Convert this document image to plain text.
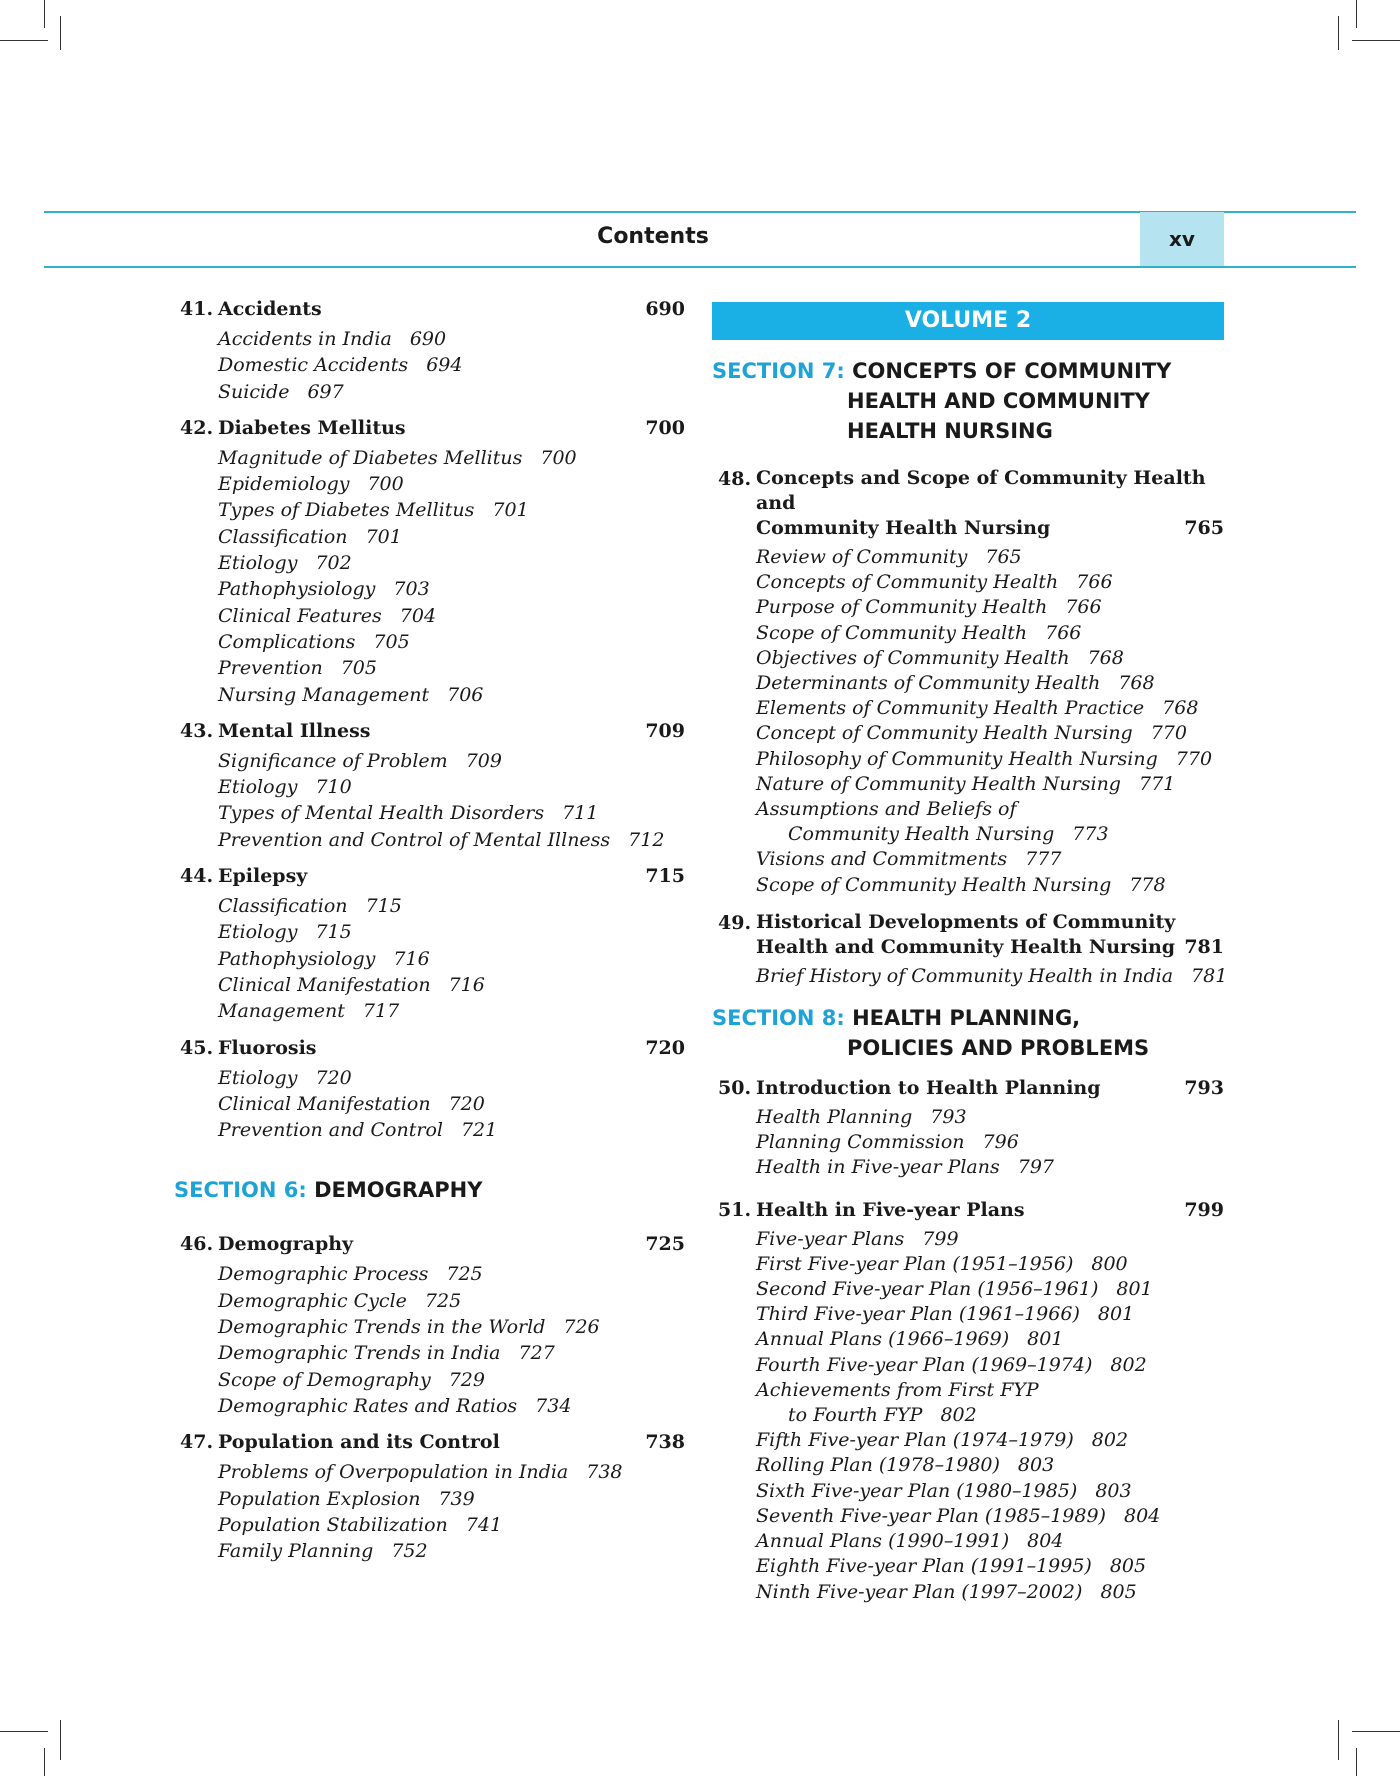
Contents	xv
41. Accidents	690
Accidents in India 690
Domestic Accidents 694
Suicide 697
42. Diabetes Mellitus	700
Magnitude of Diabetes Mellitus 700
Epidemiology 700
Types of Diabetes Mellitus 701
Classification 701
Etiology 702
Pathophysiology 703
Clinical Features 704
Complications 705
Prevention 705
Nursing Management 706
43. Mental Illness	709
Significance of Problem 709
Etiology 710
Types of Mental Health Disorders 711
Prevention and Control of Mental Illness 712
44. Epilepsy	715
Classification 715
Etiology 715
Pathophysiology 716
Clinical Manifestation 716
Management 717
45. Fluorosis	720
Etiology 720
Clinical Manifestation 720
Prevention and Control 721
SECTION 6: DEMOGRAPHY
46. Demography	725
Demographic Process 725
Demographic Cycle 725
Demographic Trends in the World 726
Demographic Trends in India 727
Scope of Demography 729
Demographic Rates and Ratios 734
47. Population and its Control	738
Problems of Overpopulation in India 738
Population Explosion 739
Population Stabilization 741
Family Planning 752
VOLUME 2
SECTION 7: CONCEPTS OF COMMUNITY
HEALTH AND COMMUNITY
HEALTH NURSING
48. Concepts and Scope of Community Health and
Community Health Nursing	765
Review of Community 765
Concepts of Community Health 766
Purpose of Community Health 766
Scope of Community Health 766
Objectives of Community Health 768
Determinants of Community Health 768
Elements of Community Health Practice 768
Concept of Community Health Nursing 770
Philosophy of Community Health Nursing 770
Nature of Community Health Nursing 771
Assumptions and Beliefs of
Community Health Nursing 773
Visions and Commitments 777
Scope of Community Health Nursing 778
49. Historical Developments of Community
Health and Community Health Nursing 781
Brief History of Community Health in India 781
SECTION 8: HEALTH PLANNING,
POLICIES AND PROBLEMS
50. Introduction to Health Planning	793
Health Planning 793
Planning Commission 796
Health in Five-year Plans 797
51. Health in Five-year Plans	799
Five-year Plans 799
First Five-year Plan (1951–1956) 800
Second Five-year Plan (1956–1961) 801
Third Five-year Plan (1961–1966) 801
Annual Plans (1966–1969) 801
Fourth Five-year Plan (1969–1974) 802
Achievements from First FYP
to Fourth FYP 802
Fifth Five-year Plan (1974–1979) 802
Rolling Plan (1978–1980) 803
Sixth Five-year Plan (1980–1985) 803
Seventh Five-year Plan (1985–1989) 804
Annual Plans (1990–1991) 804
Eighth Five-year Plan (1991–1995) 805
Ninth Five-year Plan (1997–2002) 805
